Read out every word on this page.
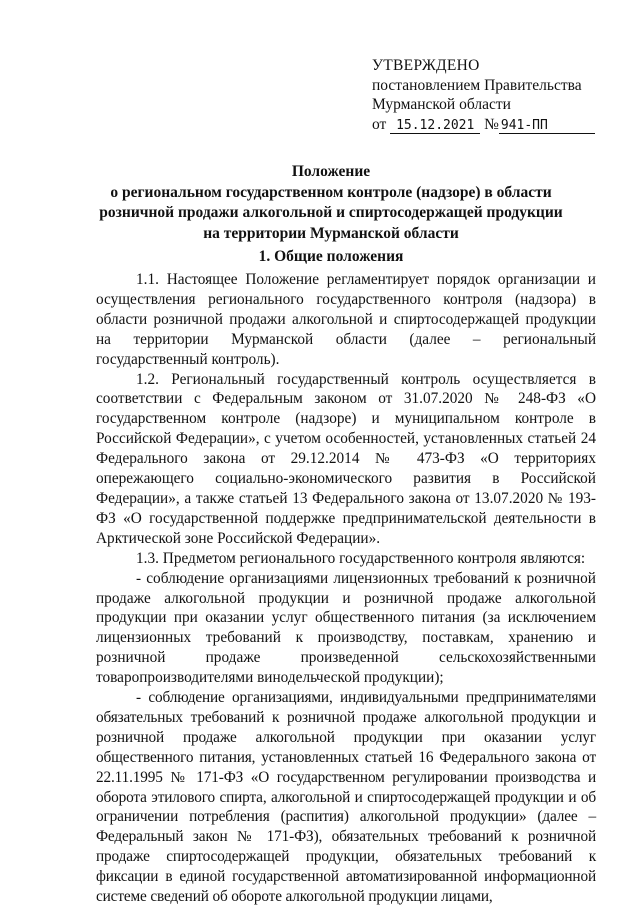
УТВЕРЖДЕНО
постановлением Правительства
Мурманской области
от 15.12.2021 № 941-ПП
Положение
о региональном государственном контроле (надзоре) в области
розничной продажи алкогольной и спиртосодержащей продукции
на территории Мурманской области
1. Общие положения

1.1. Настоящее Положение регламентирует порядок организации и осуществления регионального государственного контроля (надзора) в области розничной продажи алкогольной и спиртосодержащей продукции на территории Мурманской области (далее – региональный государственный контроль).

1.2. Региональный государственный контроль осуществляется в соответствии с Федеральным законом от 31.07.2020 № 248-ФЗ «О государственном контроле (надзоре) и муниципальном контроле в Российской Федерации», с учетом особенностей, установленных статьей 24 Федерального закона от 29.12.2014 № 473-ФЗ «О территориях опережающего социально-экономического развития в Российской Федерации», а также статьей 13 Федерального закона от 13.07.2020 № 193-ФЗ «О государственной поддержке предпринимательской деятельности в Арктической зоне Российской Федерации».

1.3. Предметом регионального государственного контроля являются:

- соблюдение организациями лицензионных требований к розничной продаже алкогольной продукции и розничной продаже алкогольной продукции при оказании услуг общественного питания (за исключением лицензионных требований к производству, поставкам, хранению и розничной продаже произведенной сельскохозяйственными товаропроизводителями винодельческой продукции);

- соблюдение организациями, индивидуальными предпринимателями обязательных требований к розничной продаже алкогольной продукции и розничной продаже алкогольной продукции при оказании услуг общественного питания, установленных статьей 16 Федерального закона от 22.11.1995 № 171-ФЗ «О государственном регулировании производства и оборота этилового спирта, алкогольной и спиртосодержащей продукции и об ограничении потребления (распития) алкогольной продукции» (далее – Федеральный закон № 171-ФЗ), обязательных требований к розничной продаже спиртосодержащей продукции, обязательных требований к фиксации в единой государственной автоматизированной информационной системе сведений об обороте алкогольной продукции лицами,
